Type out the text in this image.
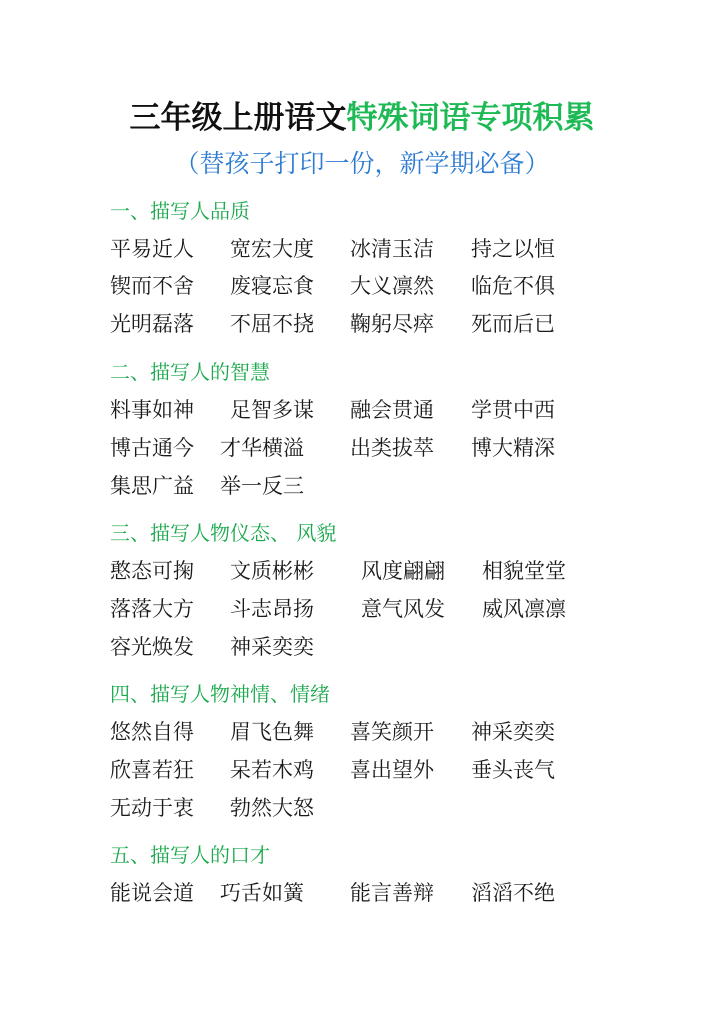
三年级上册语文特殊词语专项积累
（替孩子打印一份，新学期必备）
一、描写人品质
平易近人 宽宏大度 冰清玉洁 持之以恒
锲而不舍 废寝忘食 大义凛然 临危不俱
光明磊落 不屈不挠 鞠躬尽瘁 死而后已
二、描写人的智慧
料事如神 足智多谋 融会贯通 学贯中西
博古通今 才华横溢 出类拔萃 博大精深
集思广益 举一反三
三、描写人物仪态、 风貌
憨态可掬 文质彬彬 风度翩翩 相貌堂堂
落落大方 斗志昂扬 意气风发 威风凛凛
容光焕发 神采奕奕
四、描写人物神情、情绪
悠然自得 眉飞色舞 喜笑颜开 神采奕奕
欣喜若狂 呆若木鸡 喜出望外 垂头丧气
无动于衷 勃然大怒
五、描写人的口才
能说会道 巧舌如簧 能言善辩 滔滔不绝
